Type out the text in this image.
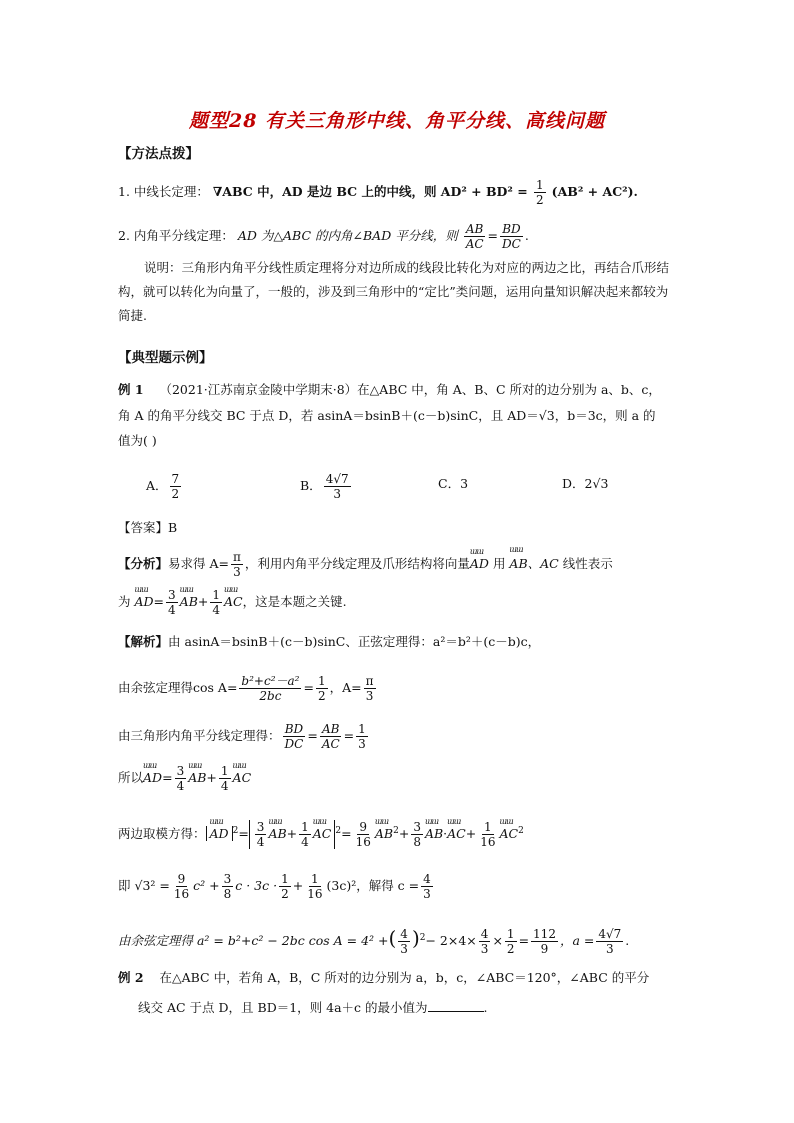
题型28 有关三角形中线、角平分线、高线问题
【方法点拨】
1. 中线长定理： ∇ABC 中，AD 是边 BC 上的中线，则 $AD^2 + BD^2 = \frac{1}{2} (AB^2 + AC^2)$.
2. 内角平分线定理： AD 为△ABC 的内角∠BAD 平分线，则 $\frac{AB}{AC} = \frac{BD}{DC}$ .
说明：三角形内角平分线性质定理将分对边所成的线段比转化为对应的两边之比，再结合爪形结构，就可以转化为向量了，一般的，涉及到三角形中的“定比”类问题，运用向量知识解决起来都较为简捷.
【典型题示例】
例 1 （2021·江苏南京金陵中学期末·8）在△ABC 中，角 A、B、C 所对的边分别为 a、b、c，
角 A 的角平分线交 BC 于点 D，若 asinA＝bsinB＋(c－b)sinC，且 AD＝√3，b＝3c，则 a 的
值为( )
A． $\frac{7}{2}$	B． $\frac{4√7}{3}$	C．3	D．2√3
【答案】B
【分析】易求得 $A= \frac{\pi}{3}$ ，利用内角平分线定理及爪形结构将向量ɯɯ AD 用 ɯɯ AB、AC 线性表示
为 ɯɯ $AD= \frac{3}{4}$ ɯɯ $AB+ \frac{1}{4}$ ɯɯ AC，这是本题之关键.
【解析】由 asinA＝bsinB＋(c－b)sinC、正弦定理得：a²＝b²＋(c－b)c，
由余弦定理得$\cos A= \frac{\text{b²+c²－a²}}{2bc} = \frac{1}{2}$ ，$A= \frac{\pi}{3}$
由三角形内角平分线定理得： $\frac{BD}{DC} = \frac{AB}{AC} = \frac{1}{3}$
所以ɯɯ $AD= \frac{3}{4}$ ɯɯ $AB+ \frac{1}{4}$ ɯɯ AC
两边取模方得： ɯɯ AD $^2= \frac{3}{4}$ ɯɯ $AB+ \frac{1}{4}$ ɯɯ AC $^2= \frac{9}{16}$ ɯɯ $AB^2+ \frac{3}{8}$ ɯɯ AB·ɯɯ $AC+ \frac{1}{16}$ ɯɯ $AC^2$
即 $√3^2 = \frac{9}{16} c^2 + \frac{3}{8}$ $c \cdot 3c \cdot \frac{1}{2} + \frac{1}{16} (3c)^2$，解得 $c = \frac{4}{3}$
由余弦定理得 a² = b²+c² − 2bc cos A = 4² +( $\frac{4}{3} )^2- 2\times 4\times \frac{4}{3} \times \frac{1}{2} = \frac{112}{9}$ ，$a = \frac{4√7}{3}$ .
例 2 在△ABC 中，若角 A，B，C 所对的边分别为 a，b，c，∠ABC＝120°，∠ABC 的平分
线交 AC 于点 D，且 BD＝1，则 4a＋c 的最小值为	.
